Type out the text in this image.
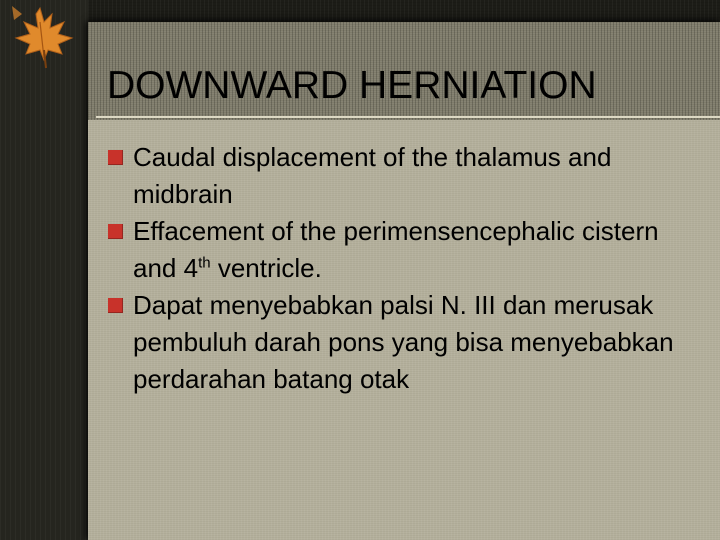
DOWNWARD HERNIATION
Caudal displacement of the thalamus and midbrain
Effacement of the perimensencephalic cistern and 4th ventricle.
Dapat menyebabkan palsi N. III dan merusak pembuluh darah pons yang bisa menyebabkan perdarahan batang otak
